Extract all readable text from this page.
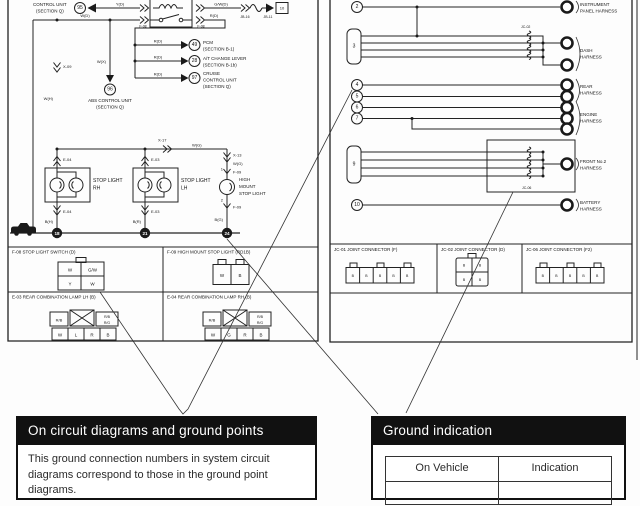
CONTROL UNIT
(SECTION Q)	95
Y(D)
F-08	F-08
G/W(D)
10
JB-16	JB-11
W(D)	R(D)
R(D)
49 PCM
(SECTION B-1)
R(D)
28 A/T CHANGE LEVER
(SECTION B-1b)
R(D)
97
CRUISE
CONTROL UNIT
(SECTION Q)
W(X)
96
ABS CONTROL UNIT
(SECTION Q)
X-09
W(H)
X-17
W(G)
E-04
STOP LIGHT
RH
E-04
B(H)
E-03
STOP LIGHT
LH
E-03
B(R)
X-13
W(G)
1
F-09
HIGH
MOUNT
STOP LIGHT
2
F-09
B(G)
18	21	24
F-08 STOP LIGHT SWITCH (D)	F-09 HIGH MOUNT STOP LIGHT (RD1B)
E-03 REAR COMBINATION LAMP LH (B)	E-04 REAR COMBINATION LAMP RH (B)
W	G/W
Y	W
W	B
R/B
R/B
R/G
W	L	R	B
R/B
R/B
R/G
W	G	R	B
2	INSTRUMENT
PANEL HARNESS
3
JC-02
DASH
HARNESS
4
5
REAR
HARNESS
6
7
ENGINE
HARNESS
9
JC-06
FRONT No.2
HARNESS
10	BATTERY
HARNESS
JC-01 JOINT CONNECTOR (F)	JC-02 JOINT CONNECTOR (D)	JC-06 JOINT CONNECTOR (F2)
B	B	B	B	B
B	B
B	B
B	B	B	B	B
On circuit diagrams and ground points
This ground connection numbers in system circuit
diagrams correspond to those in the ground point
diagrams.
Ground indication
On Vehicle	Indication
